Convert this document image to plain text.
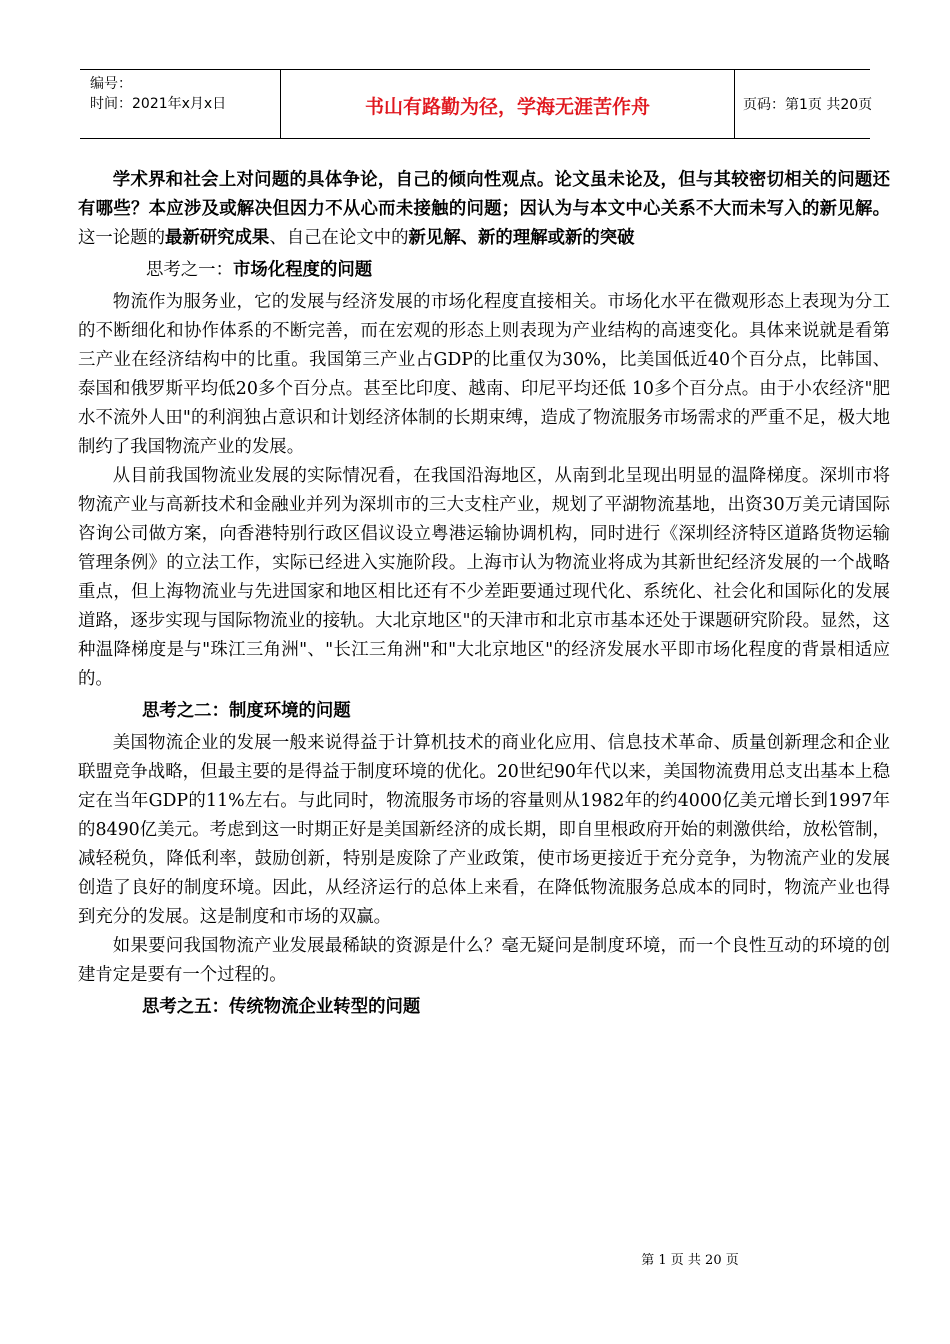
编号：
时间：2021年x月x日	书山有路勤为径，学海无涯苦作舟	页码：第1页 共20页

学术界和社会上对问题的具体争论，自己的倾向性观点。论文虽未论及，但与其较密切相关的问题还有哪些？本应涉及或解决但因力不从心而未接触的问题；因认为与本文中心关系不大而未写入的新见解。这一论题的最新研究成果、自己在论文中的新见解、新的理解或新的突破

思考之一：市场化程度的问题

物流作为服务业，它的发展与经济发展的市场化程度直接相关。市场化水平在微观形态上表现为分工的不断细化和协作体系的不断完善，而在宏观的形态上则表现为产业结构的高速变化。具体来说就是看第三产业在经济结构中的比重。我国第三产业占GDP的比重仅为30%，比美国低近40个百分点，比韩国、泰国和俄罗斯平均低20多个百分点。甚至比印度、越南、印尼平均还低 10多个百分点。由于小农经济"肥水不流外人田"的利润独占意识和计划经济体制的长期束缚，造成了物流服务市场需求的严重不足，极大地制约了我国物流产业的发展。

从目前我国物流业发展的实际情况看，在我国沿海地区，从南到北呈现出明显的温降梯度。深圳市将物流产业与高新技术和金融业并列为深圳市的三大支柱产业，规划了平湖物流基地，出资30万美元请国际咨询公司做方案，向香港特别行政区倡议设立粤港运输协调机构，同时进行《深圳经济特区道路货物运输管理条例》的立法工作，实际已经进入实施阶段。上海市认为物流业将成为其新世纪经济发展的一个战略重点，但上海物流业与先进国家和地区相比还有不少差距要通过现代化、系统化、社会化和国际化的发展道路，逐步实现与国际物流业的接轨。大北京地区"的天津市和北京市基本还处于课题研究阶段。显然，这种温降梯度是与"珠江三角洲"、"长江三角洲"和"大北京地区"的经济发展水平即市场化程度的背景相适应的。

思考之二：制度环境的问题

美国物流企业的发展一般来说得益于计算机技术的商业化应用、信息技术革命、质量创新理念和企业联盟竞争战略，但最主要的是得益于制度环境的优化。20世纪90年代以来，美国物流费用总支出基本上稳定在当年GDP的11%左右。与此同时，物流服务市场的容量则从1982年的约4000亿美元增长到1997年的8490亿美元。考虑到这一时期正好是美国新经济的成长期，即自里根政府开始的刺激供给，放松管制，减轻税负，降低利率，鼓励创新，特别是废除了产业政策，使市场更接近于充分竞争，为物流产业的发展创造了良好的制度环境。因此，从经济运行的总体上来看，在降低物流服务总成本的同时，物流产业也得到充分的发展。这是制度和市场的双赢。

如果要问我国物流产业发展最稀缺的资源是什么？毫无疑问是制度环境，而一个良性互动的环境的创建肯定是要有一个过程的。

思考之五：传统物流企业转型的问题
第 1 页 共 20 页
